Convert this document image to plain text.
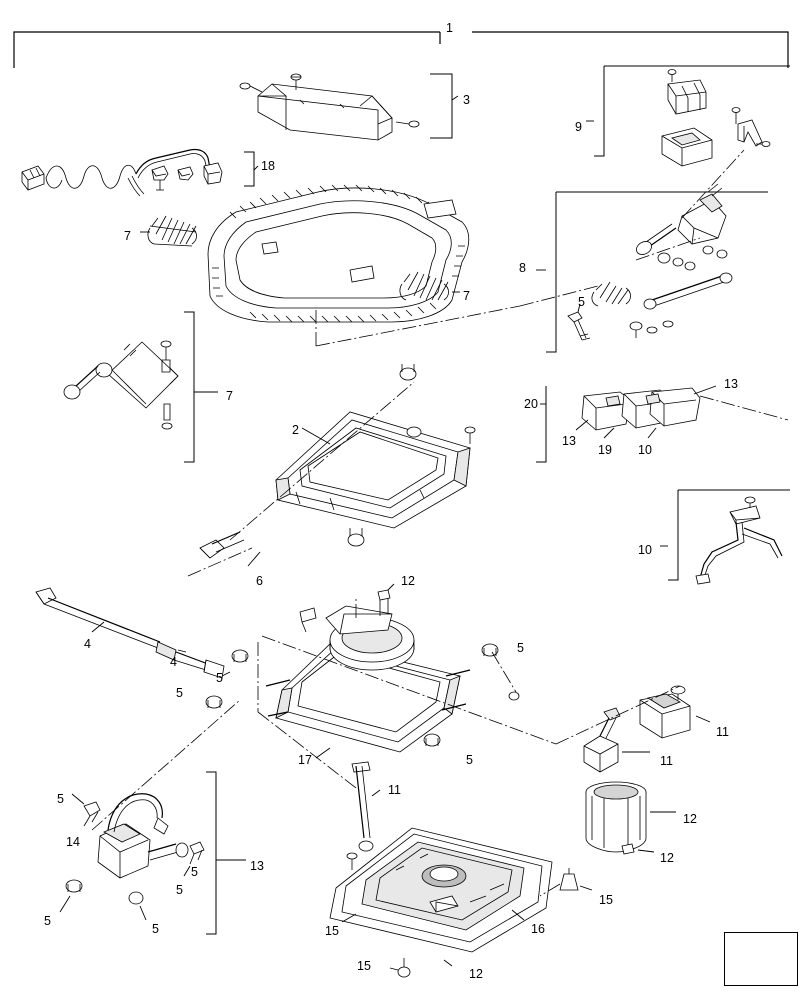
1
3
9
18
7
7
8
5
7
2
20
13
13
19 10
10
6	12
4
4
5
5
5
5
17
11
11
11
12
12
5
14
5	13
5
5
5
15
15	16
15
12
